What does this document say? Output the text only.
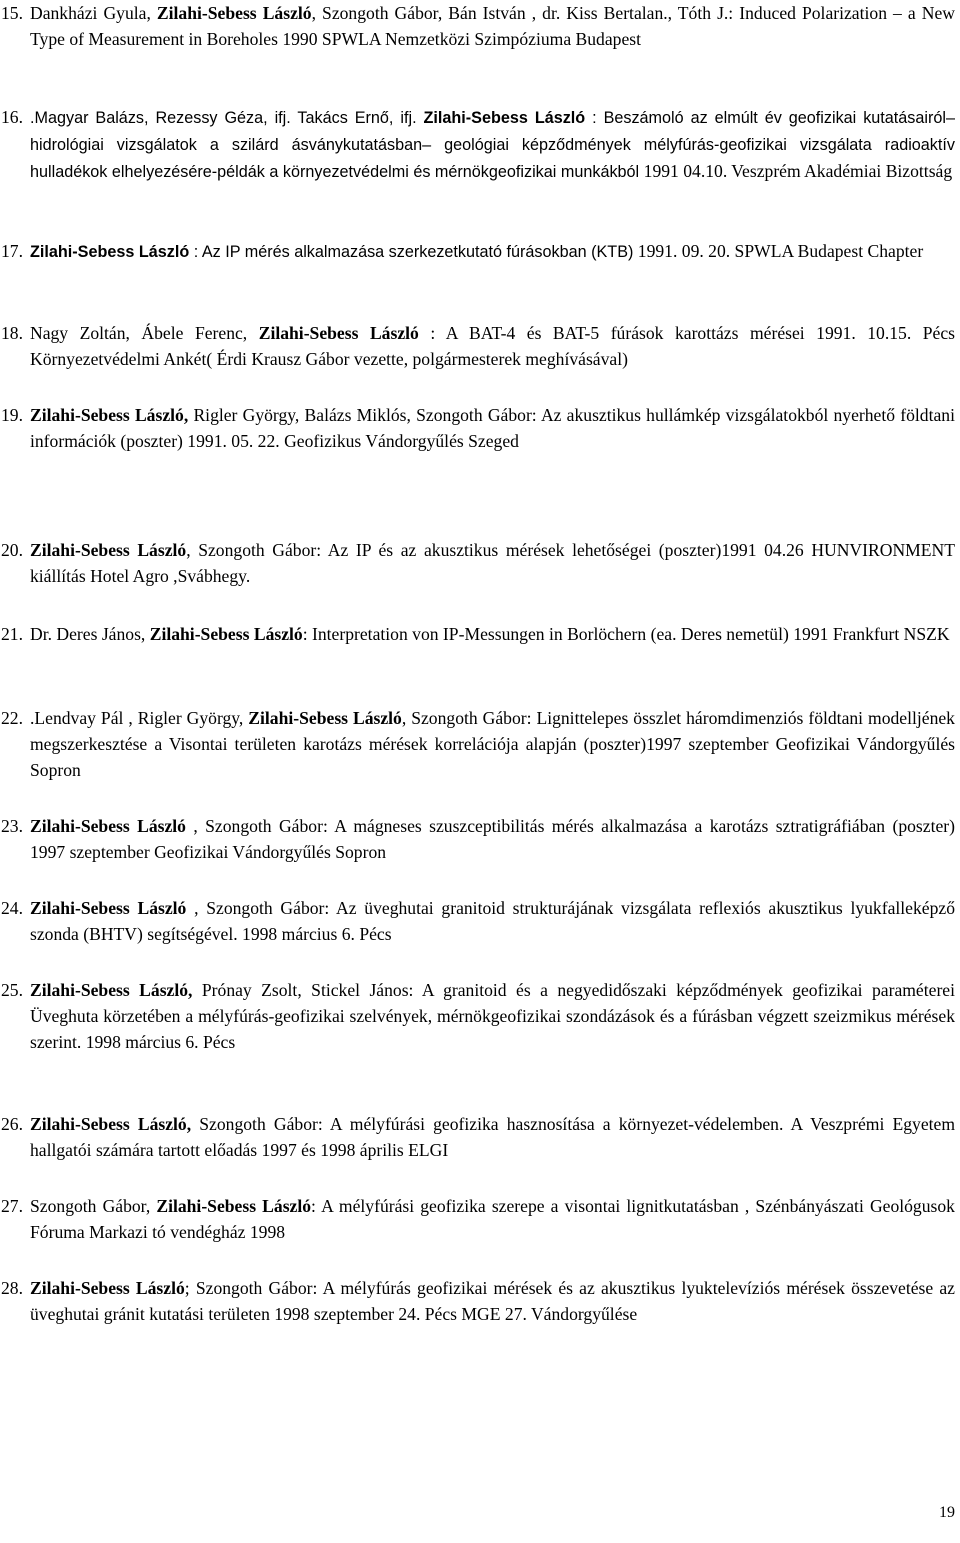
15. Dankházi Gyula, Zilahi-Sebess László, Szongoth Gábor, Bán István , dr. Kiss Bertalan., Tóth J.: Induced Polarization – a New Type of Measurement in Boreholes 1990 SPWLA Nemzetközi Szimpóziuma Budapest

16. .Magyar Balázs, Rezessy Géza, ifj. Takács Ernő, ifj. Zilahi-Sebess László : Beszámoló az elmúlt év geofizikai kutatásairól– hidrológiai vizsgálatok a szilárd ásványkutatásban– geológiai képződmények mélyfúrás-geofizikai vizsgálata radioaktív hulladékok elhelyezésére-példák a környezetvédelmi és mérnökgeofizikai munkákból 1991 04.10. Veszprém Akadémiai Bizottság

17. Zilahi-Sebess László : Az IP mérés alkalmazása szerkezetkutató fúrásokban (KTB) 1991. 09. 20. SPWLA Budapest Chapter

18. Nagy Zoltán, Ábele Ferenc, Zilahi-Sebess László : A BAT-4 és BAT-5 fúrások karottázs mérései 1991. 10.15. Pécs Környezetvédelmi Ankét( Érdi Krausz Gábor vezette, polgármesterek meghívásával)

19. Zilahi-Sebess László, Rigler György, Balázs Miklós, Szongoth Gábor: Az akusztikus hullámkép vizsgálatokból nyerhető földtani információk (poszter) 1991. 05. 22. Geofizikus Vándorgyűlés Szeged

20. Zilahi-Sebess László, Szongoth Gábor: Az IP és az akusztikus mérések lehetőségei (poszter)1991 04.26 HUNVIRONMENT kiállítás Hotel Agro ,Svábhegy.

21. Dr. Deres János, Zilahi-Sebess László: Interpretation von IP-Messungen in Borlöchern (ea. Deres nemetül) 1991 Frankfurt NSZK

22. .Lendvay Pál , Rigler György, Zilahi-Sebess László, Szongoth Gábor: Lignittelepes összlet háromdimenziós földtani modelljének megszerkesztése a Visontai területen karotázs mérések korrelációja alapján (poszter)1997 szeptember Geofizikai Vándorgyűlés Sopron

23. Zilahi-Sebess László , Szongoth Gábor: A mágneses szuszceptibilitás mérés alkalmazása a karotázs sztratigráfiában (poszter) 1997 szeptember Geofizikai Vándorgyűlés Sopron

24. Zilahi-Sebess László , Szongoth Gábor: Az üveghutai granitoid strukturájának vizsgálata reflexiós akusztikus lyukfalleképző szonda (BHTV) segítségével. 1998 március 6. Pécs

25. Zilahi-Sebess László, Prónay Zsolt, Stickel János: A granitoid és a negyedidőszaki képződmények geofizikai paraméterei Üveghuta körzetében a mélyfúrás-geofizikai szelvények, mérnökgeofizikai szondázások és a fúrásban végzett szeizmikus mérések szerint. 1998 március 6. Pécs

26. Zilahi-Sebess László, Szongoth Gábor: A mélyfúrási geofizika hasznosítása a környezet-védelemben. A Veszprémi Egyetem hallgatói számára tartott előadás 1997 és 1998 április ELGI

27. Szongoth Gábor, Zilahi-Sebess László: A mélyfúrási geofizika szerepe a visontai lignitkutatásban , Szénbányászati Geológusok Fóruma Markazi tó vendégház 1998

28. Zilahi-Sebess László; Szongoth Gábor: A mélyfúrás geofizikai mérések és az akusztikus lyuktelevíziós mérések összevetése az üveghutai gránit kutatási területen 1998 szeptember 24. Pécs MGE 27. Vándorgyűlése

19
